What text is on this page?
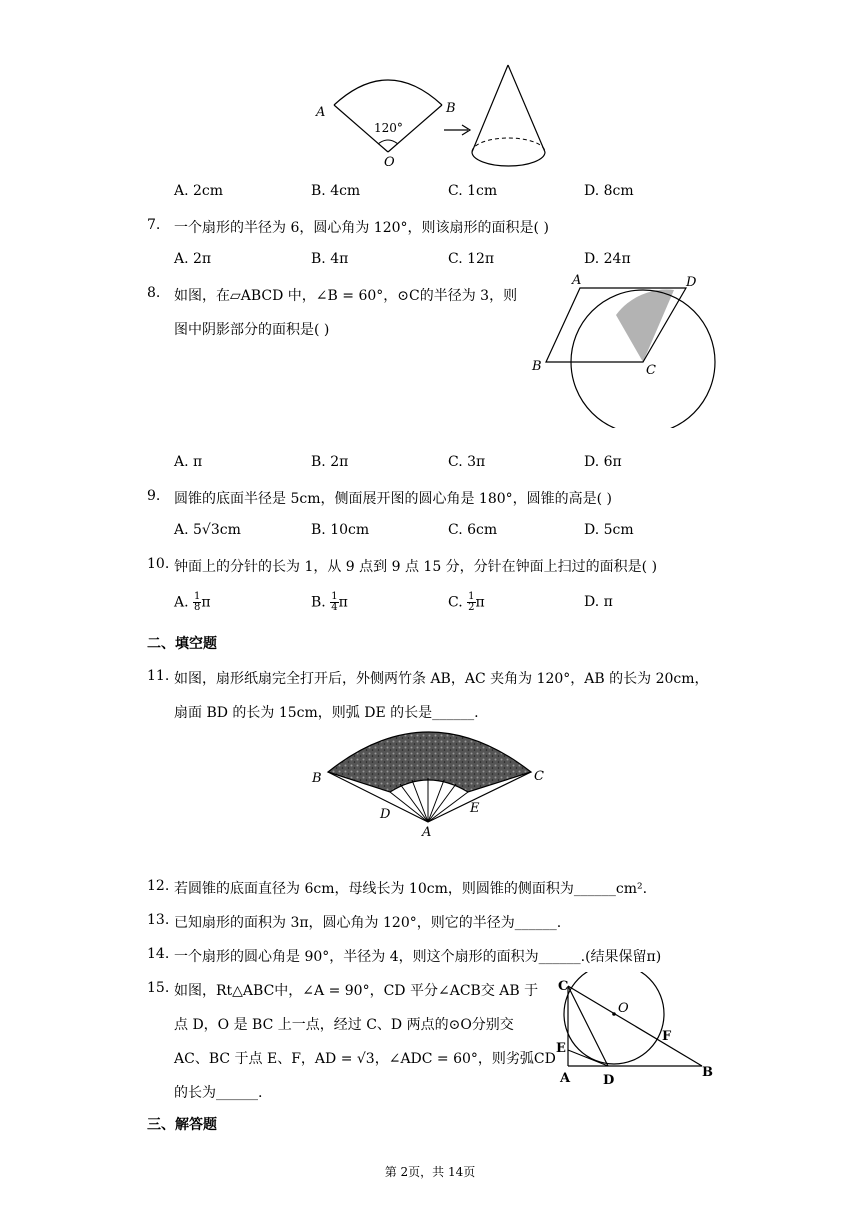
A	B
O
120°
A. 2cm	B. 4cm	C. 1cm	D. 8cm
7. 一个扇形的半径为 6，圆心角为 120°，则该扇形的面积是( )
A. 2π	B. 4π	C. 12π	D. 24π
8. 如图，在▱ABCD 中，∠B = 60°，⊙C的半径为 3，则
图中阴影部分的面积是( )
A	D
B	C
A. π	B. 2π	C. 3π	D. 6π
9. 圆锥的底面半径是 5cm，侧面展开图的圆心角是 180°，圆锥的高是( )
A. 5√3cm	B. 10cm	C. 6cm	D. 5cm
10. 钟面上的分针的长为 1，从 9 点到 9 点 15 分，分针在钟面上扫过的面积是( )
A. $\frac{1}{8}$ π	B. $\frac{1}{4}$ π	C. $\frac{1}{2}$ π	D. π
二、填空题
11. 如图，扇形纸扇完全打开后，外侧两竹条 AB，AC 夹角为 120°，AB 的长为 20cm，
扇面 BD 的长为 15cm，则弧 DE 的长是______.
B	C
D	E
A
12. 若圆锥的底面直径为 6cm，母线长为 10cm，则圆锥的侧面积为______cm².
13. 已知扇形的面积为 3π，圆心角为 120°，则它的半径为______.
14. 一个扇形的圆心角是 90°，半径为 4，则这个扇形的面积为______.(结果保留π)
15. 如图，Rt△ABC中，∠A = 90°，CD 平分∠ACB交 AB 于
点 D，O 是 BC 上一点，经过 C、D 两点的⊙O分别交
AC、BC 于点 E、F，AD = √3，∠ADC = 60°，则劣弧CD
的长为______.
C
O
F
E
A	D
B
三、解答题
第 2页，共 14页
